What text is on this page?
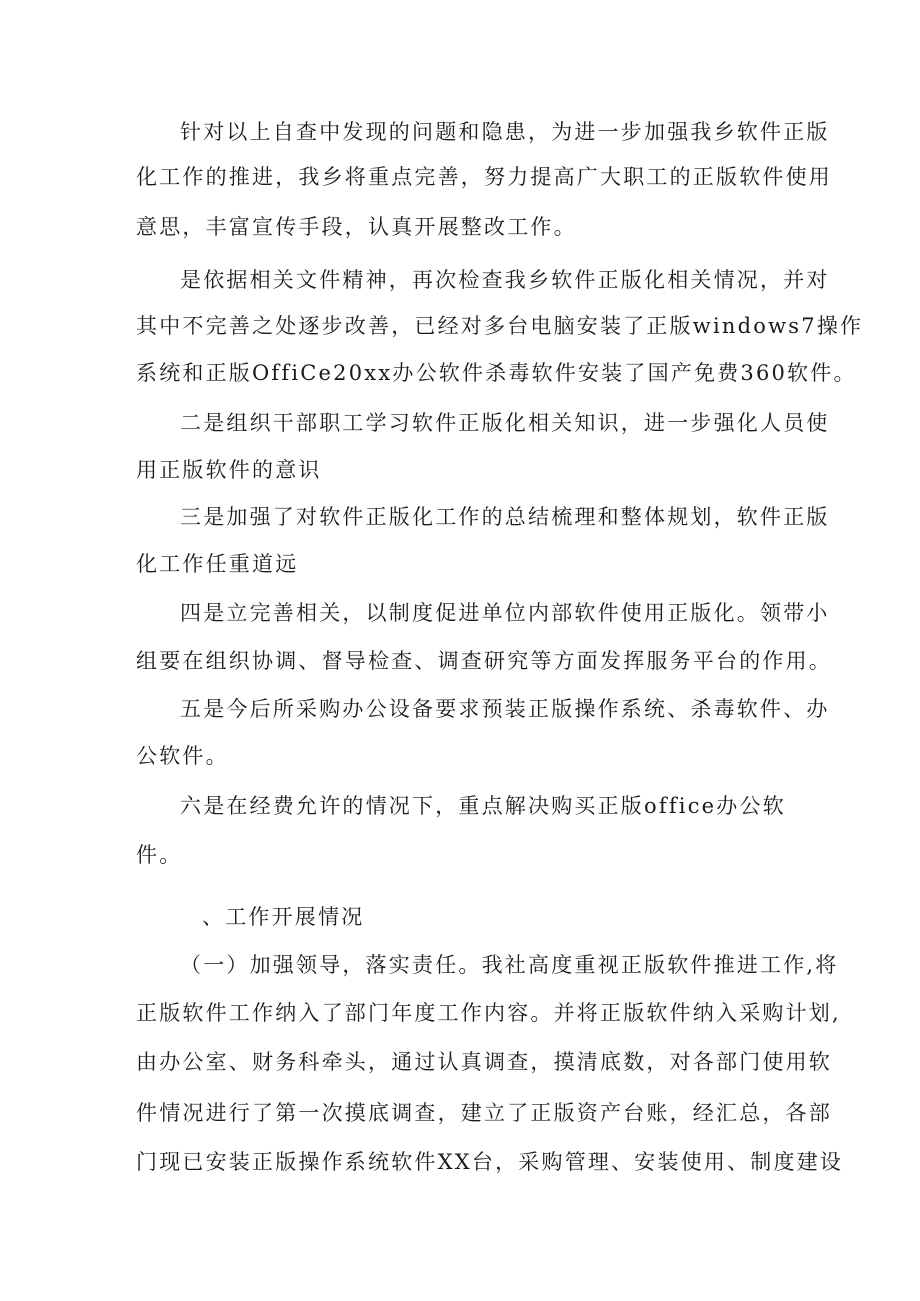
针对以上自查中发现的问题和隐患，为进一步加强我乡软件正版
化工作的推进，我乡将重点完善，努力提高广大职工的正版软件使用
意思，丰富宣传手段，认真开展整改工作。
是依据相关文件精神，再次检查我乡软件正版化相关情况，并对
其中不完善之处逐步改善，已经对多台电脑安装了正版windows7操作
系统和正版OffiCe20xx办公软件杀毒软件安装了国产免费360软件。
二是组织干部职工学习软件正版化相关知识，进一步强化人员使
用正版软件的意识
三是加强了对软件正版化工作的总结梳理和整体规划，软件正版
化工作任重道远
四是立完善相关，以制度促进单位内部软件使用正版化。领带小
组要在组织协调、督导检查、调查研究等方面发挥服务平台的作用。
五是今后所采购办公设备要求预装正版操作系统、杀毒软件、办
公软件。
六是在经费允许的情况下，重点解决购买正版office办公软
件。
、工作开展情况
（一）加强领导，落实责任。我社高度重视正版软件推进工作,将
正版软件工作纳入了部门年度工作内容。并将正版软件纳入采购计划,
由办公室、财务科牵头，通过认真调查，摸清底数，对各部门使用软
件情况进行了第一次摸底调查，建立了正版资产台账，经汇总，各部
门现已安装正版操作系统软件XX台，采购管理、安装使用、制度建设
